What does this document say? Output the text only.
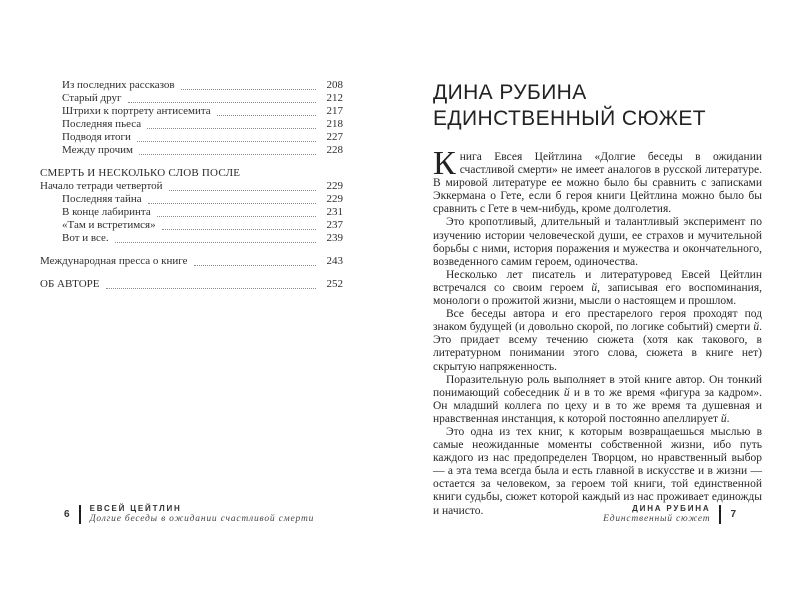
Из последних рассказов	208
Старый друг	212
Штрихи к портрету антисемита	217
Последняя пьеса	218
Подводя итоги	227
Между прочим	228
СМЕРТЬ И НЕСКОЛЬКО СЛОВ ПОСЛЕ
Начало тетради четвертой	229
Последняя тайна	229
В конце лабиринта	231
«Там и встретимся»	237
Вот и все.	239
Международная пресса о книге	243
ОБ АВТОРЕ	252
6	ЕВСЕЙ ЦЕЙТЛИН
Долгие беседы в ожидании счастливой смерти
ДИНА РУБИНА
ЕДИНСТВЕННЫЙ СЮЖЕТ

Книга Евсея Цейтлина «Долгие беседы в ожидании счастливой смерти» не имеет аналогов в русской литературе. В мировой литературе ее можно было бы сравнить с записками Эккермана о Гете, если б героя книги Цейтлина можно было бы сравнить с Гете в чем-нибудь, кроме долголетия.

Это кропотливый, длительный и талантливый эксперимент по изучению истории человеческой души, ее страхов и мучительной борьбы с ними, история поражения и мужества и окончательного, возведенного самим героем, одиночества.

Несколько лет писатель и литературовед Евсей Цейтлин встречался со своим героем й, записывая его воспоминания, монологи о прожитой жизни, мысли о настоящем и прошлом.

Все беседы автора и его престарелого героя проходят под знаком будущей (и довольно скорой, по логике событий) смерти й. Это придает всему течению сюжета (хотя как такового, в литературном понимании этого слова, сюжета в книге нет) скрытую напряженность.

Поразительную роль выполняет в этой книге автор. Он тонкий понимающий собеседник й и в то же время «фигура за кадром». Он младший коллега по цеху и в то же время та душевная и нравственная инстанция, к которой постоянно апеллирует й.

Это одна из тех книг, к которым возвращаешься мыслью в самые неожиданные моменты собственной жизни, ибо путь каждого из нас предопределен Творцом, но нравственный выбор — а эта тема всегда была и есть главной в искусстве и в жизни — остается за человеком, за героем той книги, той единственной книги судьбы, сюжет которой каждый из нас проживает единожды и начисто.	ДИНА РУБИНА
Единственный сюжет 7
